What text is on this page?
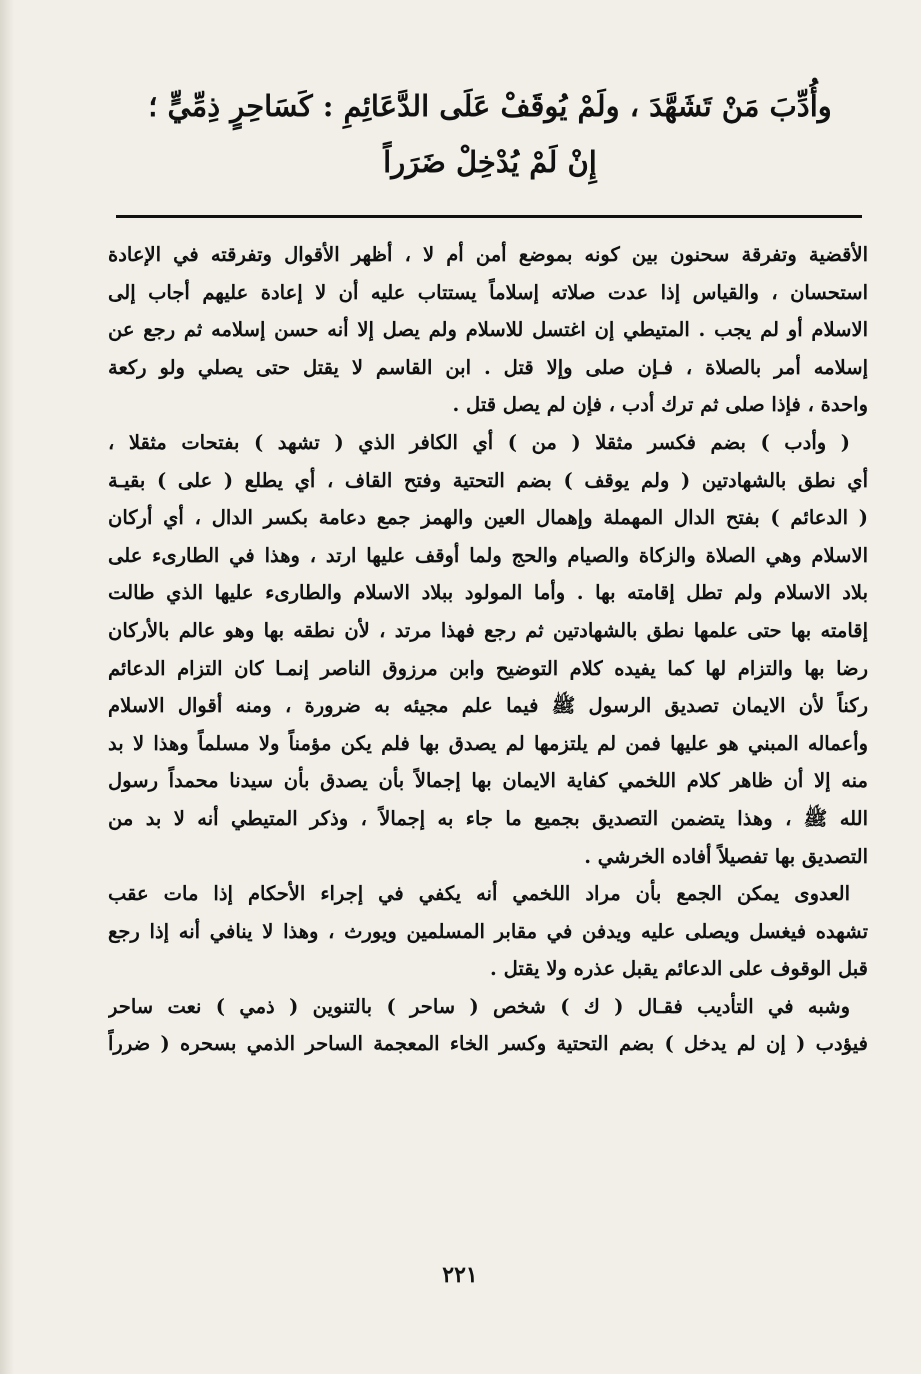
وأُدِّبَ مَنْ تَشَهَّدَ ، ولَمْ يُوقَفْ عَلَى الدَّعَائِمِ : كَسَاحِرٍ ذِمِّيٍّ ؛
إِنْ لَمْ يُدْخِلْ ضَرَراً
الأقضية وتفرقة سحنون بين كونه بموضع أمن أم لا ، أظهر الأقوال وتفرقته في الإعادة
استحسان ، والقياس إذا عدت صلاته إسلاماً يستتاب عليه أن لا إعادة عليهم أجاب إلى
الاسلام أو لم يجب . المتيطي إن اغتسل للاسلام ولم يصل إلا أنه حسن إسلامه ثم رجع عن
إسلامه أمر بالصلاة ، فـإن صلى وإلا قتل . ابن القاسم لا يقتل حتى يصلي ولو ركعة
واحدة ، فإذا صلى ثم ترك أدب ، فإن لم يصل قتل .
( وأدب ) بضم فكسر مثقلا ( من ) أي الكافر الذي ( تشهد ) بفتحات مثقلا ،
أي نطق بالشهادتين ( ولم يوقف ) بضم التحتية وفتح القاف ، أي يطلع ( على ) بقيـة
( الدعائم ) بفتح الدال المهملة وإهمال العين والهمز جمع دعامة بكسر الدال ، أي أركان
الاسلام وهي الصلاة والزكاة والصيام والحج ولما أوقف عليها ارتد ، وهذا في الطارىء على
بلاد الاسلام ولم تطل إقامته بها . وأما المولود ببلاد الاسلام والطارىء عليها الذي طالت
إقامته بها حتى علمها نطق بالشهادتين ثم رجع فهذا مرتد ، لأن نطقه بها وهو عالم بالأركان
رضا بها والتزام لها كما يفيده كلام التوضيح وابن مرزوق الناصر إنمـا كان التزام الدعائم
ركناً لأن الايمان تصديق الرسول ﷺ فيما علم مجيئه به ضرورة ، ومنه أقوال الاسلام
وأعماله المبني هو عليها فمن لم يلتزمها لم يصدق بها فلم يكن مؤمناً ولا مسلماً وهذا لا بد
منه إلا أن ظاهر كلام اللخمي كفاية الايمان بها إجمالاً بأن يصدق بأن سيدنا محمداً رسول
الله ﷺ ، وهذا يتضمن التصديق بجميع ما جاء به إجمالاً ، وذكر المتيطي أنه لا بد من
التصديق بها تفصيلاً أفاده الخرشي .
العدوى يمكن الجمع بأن مراد اللخمي أنه يكفي في إجراء الأحكام إذا مات عقب
تشهده فيغسل ويصلى عليه ويدفن في مقابر المسلمين ويورث ، وهذا لا ينافي أنه إذا رجع
قبل الوقوف على الدعائم يقبل عذره ولا يقتل .
وشبه في التأديب فقـال ( ك ) شخص ( ساحر ) بالتنوين ( ذمي ) نعت ساحر
فيؤدب ( إن لم يدخل ) بضم التحتية وكسر الخاء المعجمة الساحر الذمي بسحره ( ضرراً
٢٢١
